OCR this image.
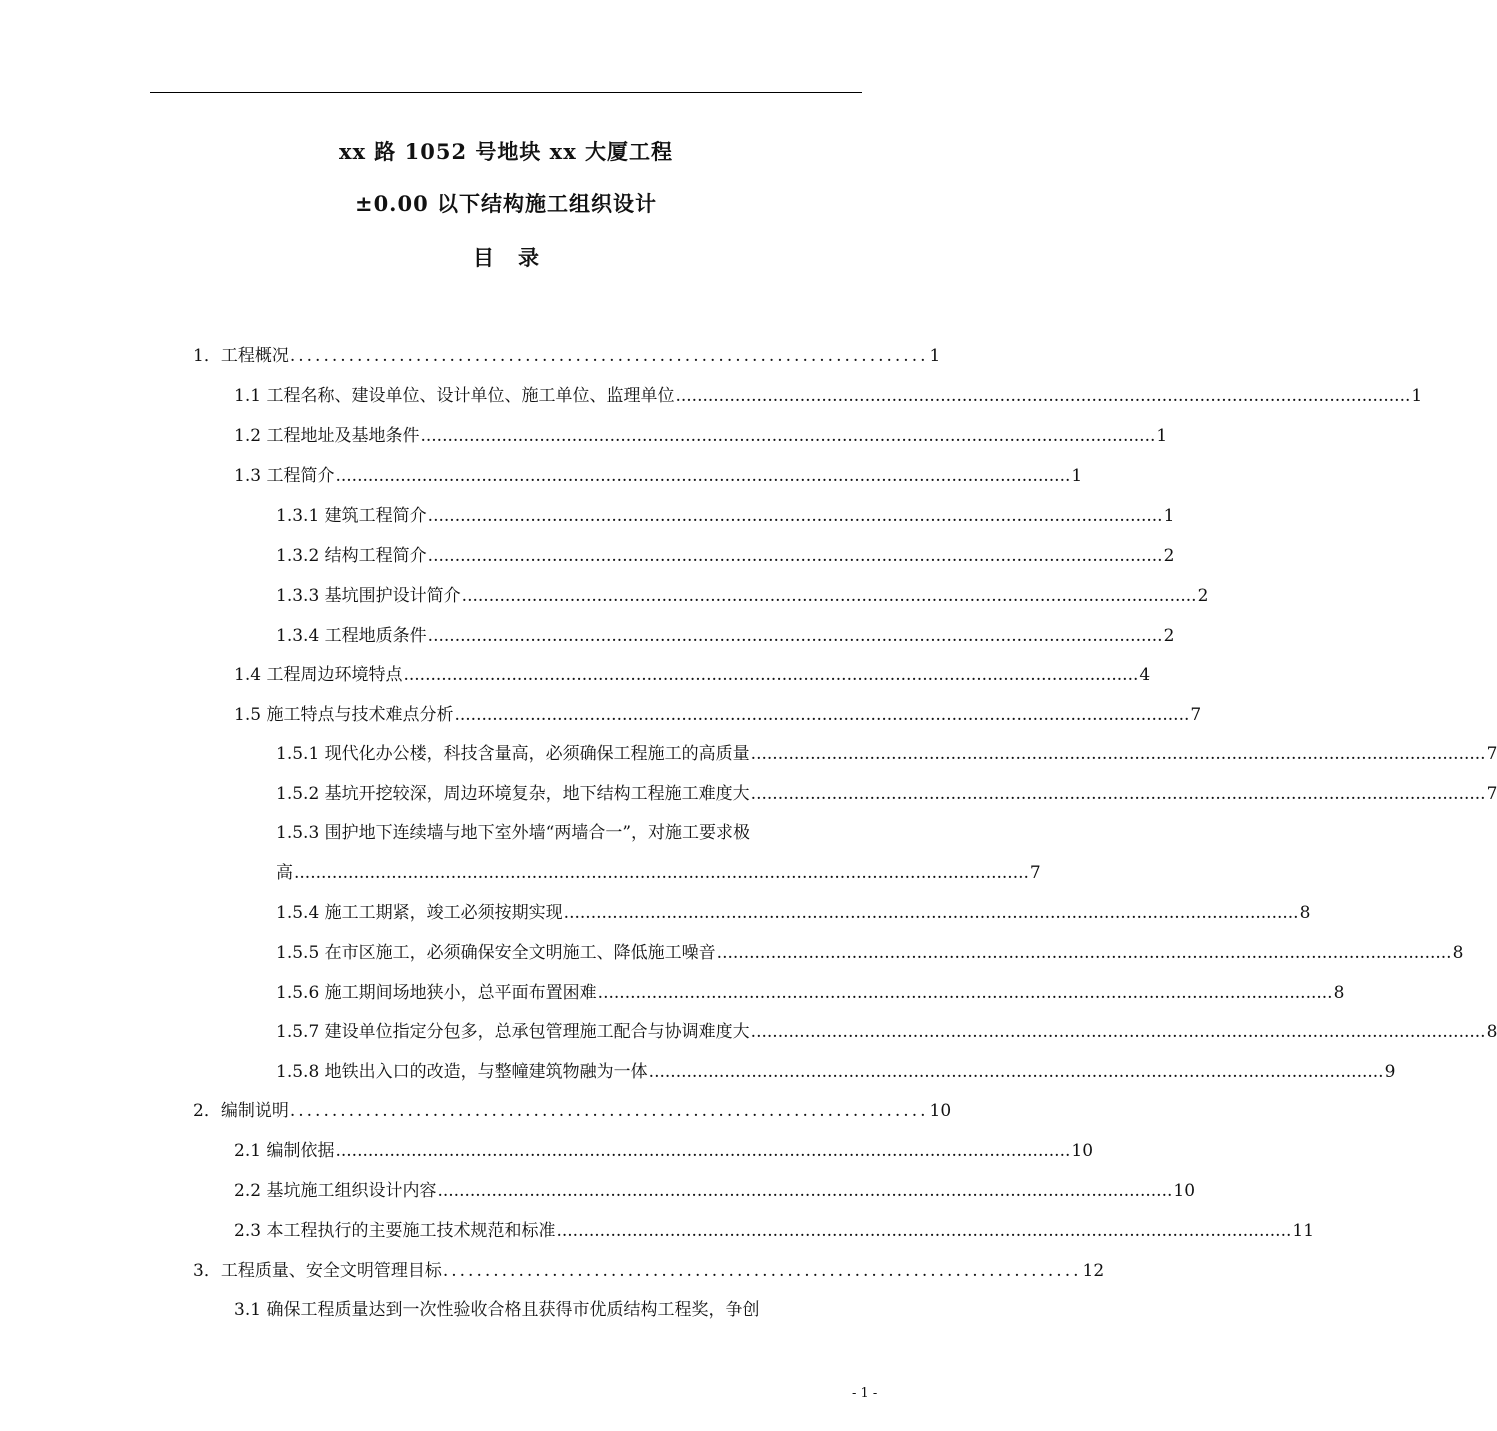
xx 路 1052 号地块 xx 大厦工程
±0.00 以下结构施工组织设计
目 录
1．工程概况 ............................................................................ 1
1.1 工程名称、建设单位、设计单位、施工单位、监理单位 ........................................................................................................................................ 1
1.2 工程地址及基地条件 ........................................................................................................................................ 1
1.3 工程简介 ........................................................................................................................................ 1
1.3.1 建筑工程简介 ........................................................................................................................................ 1
1.3.2 结构工程简介 ........................................................................................................................................ 2
1.3.3 基坑围护设计简介 ........................................................................................................................................ 2
1.3.4 工程地质条件 ........................................................................................................................................ 2
1.4 工程周边环境特点 ........................................................................................................................................ 4
1.5 施工特点与技术难点分析 ........................................................................................................................................ 7
1.5.1 现代化办公楼，科技含量高，必须确保工程施工的高质量 ........................................................................................................................................ 7
1.5.2 基坑开挖较深，周边环境复杂，地下结构工程施工难度大 ........................................................................................................................................ 7
1.5.3 围护地下连续墙与地下室外墙“两墙合一”，对施工要求极
高 ........................................................................................................................................ 7
1.5.4 施工工期紧，竣工必须按期实现 ........................................................................................................................................ 8
1.5.5 在市区施工，必须确保安全文明施工、降低施工噪音 ........................................................................................................................................ 8
1.5.6 施工期间场地狭小，总平面布置困难 ........................................................................................................................................ 8
1.5.7 建设单位指定分包多，总承包管理施工配合与协调难度大 ........................................................................................................................................ 8
1.5.8 地铁出入口的改造，与整幢建筑物融为一体 ........................................................................................................................................ 9
2．编制说明 ............................................................................ 10
2.1 编制依据 ........................................................................................................................................ 10
2.2 基坑施工组织设计内容 ........................................................................................................................................ 10
2.3 本工程执行的主要施工技术规范和标准 ........................................................................................................................................ 11
3．工程质量、安全文明管理目标 ............................................................................ 12
3.1 确保工程质量达到一次性验收合格且获得市优质结构工程奖，争创
- 1 -
